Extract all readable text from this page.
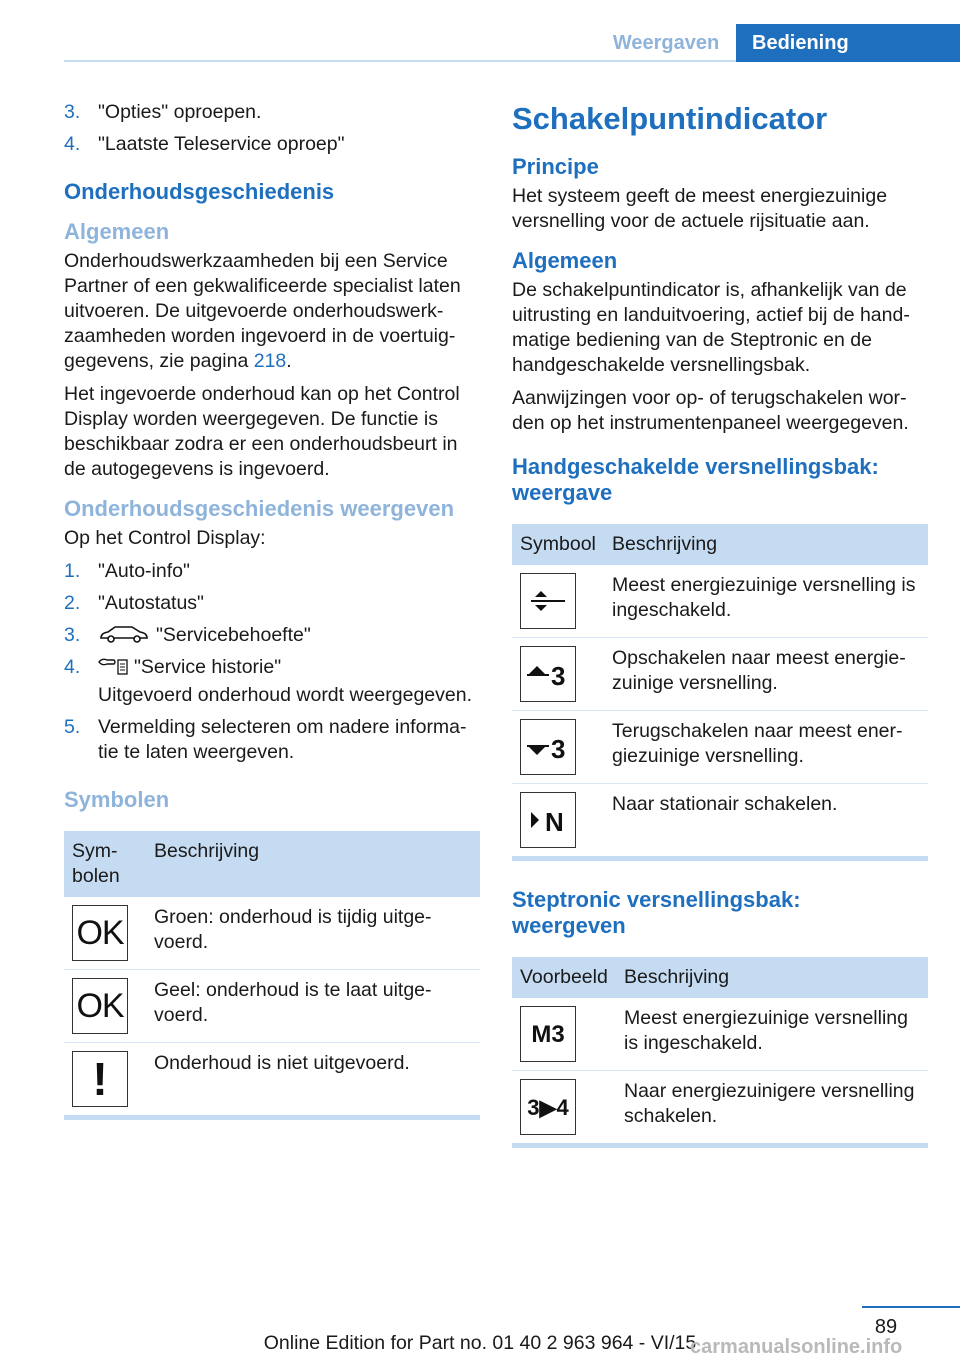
Weergaven	Bediening
3. "Opties" oproepen.
4. "Laatste Teleservice oproep"
Onderhoudsgeschiedenis
Algemeen
Onderhoudswerkzaamheden bij een Service Partner of een gekwalificeerde specialist laten uitvoeren. De uitgevoerde onderhoudswerkzaamheden worden ingevoerd in de voertuiggegevens, zie pagina 218.
Het ingevoerde onderhoud kan op het Control Display worden weergegeven. De functie is beschikbaar zodra er een onderhoudsbeurt in de autogegevens is ingevoerd.
Onderhoudsgeschiedenis weergeven
Op het Control Display:
1. "Auto-info"
2. "Autostatus"
3.	"Servicebehoefte"
4.	"Service historie"
Uitgevoerd onderhoud wordt weergegeven.
5. Vermelding selecteren om nadere informatie te laten weergeven.
Symbolen
Symbolen	Beschrijving

OK	Groen: onderhoud is tijdig uitgevoerd.

OK	Geel: onderhoud is te laat uitgevoerd.

!	Onderhoud is niet uitgevoerd.
Schakelpuntindicator
Principe
Het systeem geeft de meest energiezuinige versnelling voor de actuele rijsituatie aan.
Algemeen
De schakelpuntindicator is, afhankelijk van de uitrusting en landuitvoering, actief bij de handmatige bediening van de Steptronic en de handgeschakelde versnellingsbak.
Aanwijzingen voor op- of terugschakelen worden op het instrumentenpaneel weergegeven.
Handgeschakelde versnellingsbak: weergave
Symbool	Beschrijving

	Meest energiezuinige versnelling is ingeschakeld.

3	Opschakelen naar meest energiezuinige versnelling.

3	Terugschakelen naar meest energiezuinige versnelling.

N	Naar stationair schakelen.
Steptronic versnellingsbak: weergeven
Voorbeeld	Beschrijving

M3	Meest energiezuinige versnelling is ingeschakeld.

3▶4	Naar energiezuinigere versnelling schakelen.
89
Online Edition for Part no. 01 40 2 963 964 - VI/15
carmanualsonline.info
